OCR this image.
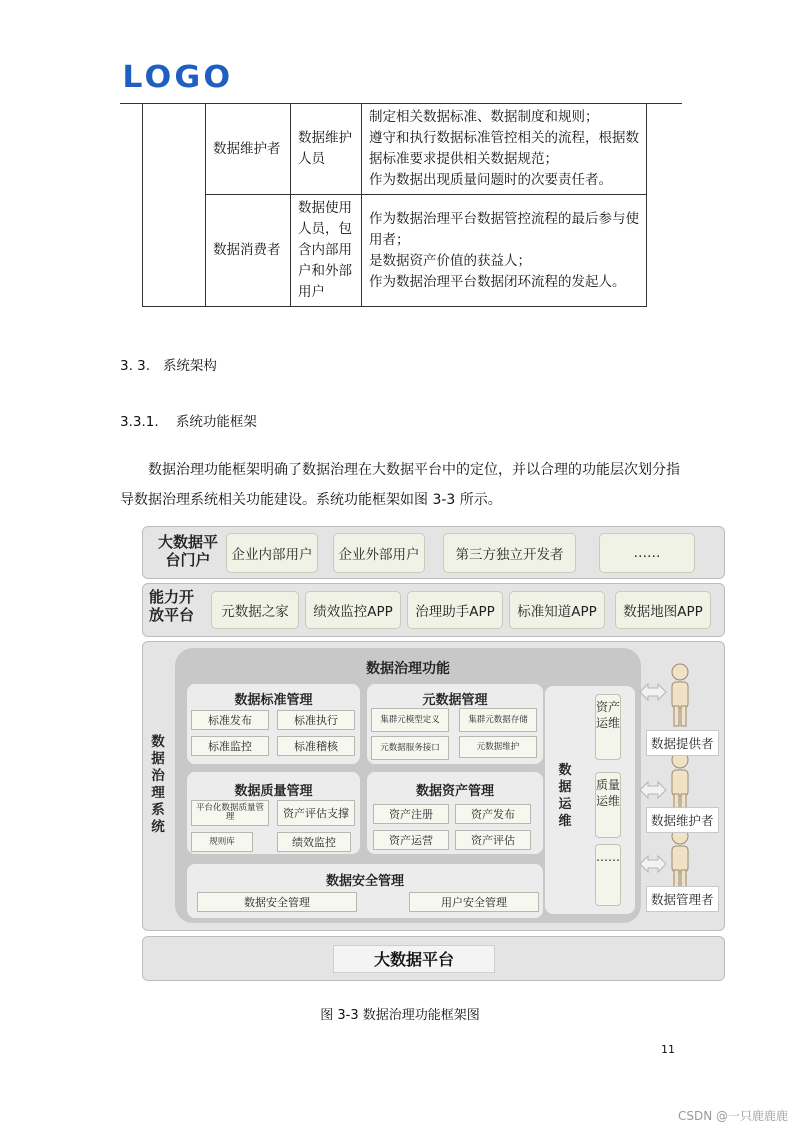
LOGO
	数据维护者	数据维护人员	制定相关数据标准、数据制度和规则；
遵守和执行数据标准管控相关的流程，根据数据标准要求提供相关数据规范；
作为数据出现质量问题时的次要责任者。

	数据消费者	数据使用人员，包含内部用户和外部用户	作为数据治理平台数据管控流程的最后参与使用者；
是数据资产价值的获益人；
作为数据治理平台数据闭环流程的发起人。
3. 3. 系统架构
3.3.1. 系统功能框架
数据治理功能框架明确了数据治理在大数据平台中的定位，并以合理的功能层次划分指导数据治理系统相关功能建设。系统功能框架如图 3-3 所示。
大数据平台门户	企业内部用户	企业外部用户	第三方独立开发者	……
能力开放平台	元数据之家	绩效监控APP	治理助手APP	标准知道APP	数据地图APP
数据治理系统
数据治理功能
数据标准管理
标准发布	标准执行
标准监控	标准稽核
元数据管理
集群元模型定义	集群元数据存储
元数据服务接口	元数据维护
数据质量管理
平台化数据质量管理	资产评估支撑
规则库	绩效监控
数据资产管理
资产注册	资产发布
资产运营	资产评估
数据安全管理
数据安全管理	用户安全管理
数据运维
资产运维
质量运维
……
数据提供者
数据维护者
数据管理者
大数据平台
图 3-3 数据治理功能框架图
11
CSDN @一只鹿鹿鹿
